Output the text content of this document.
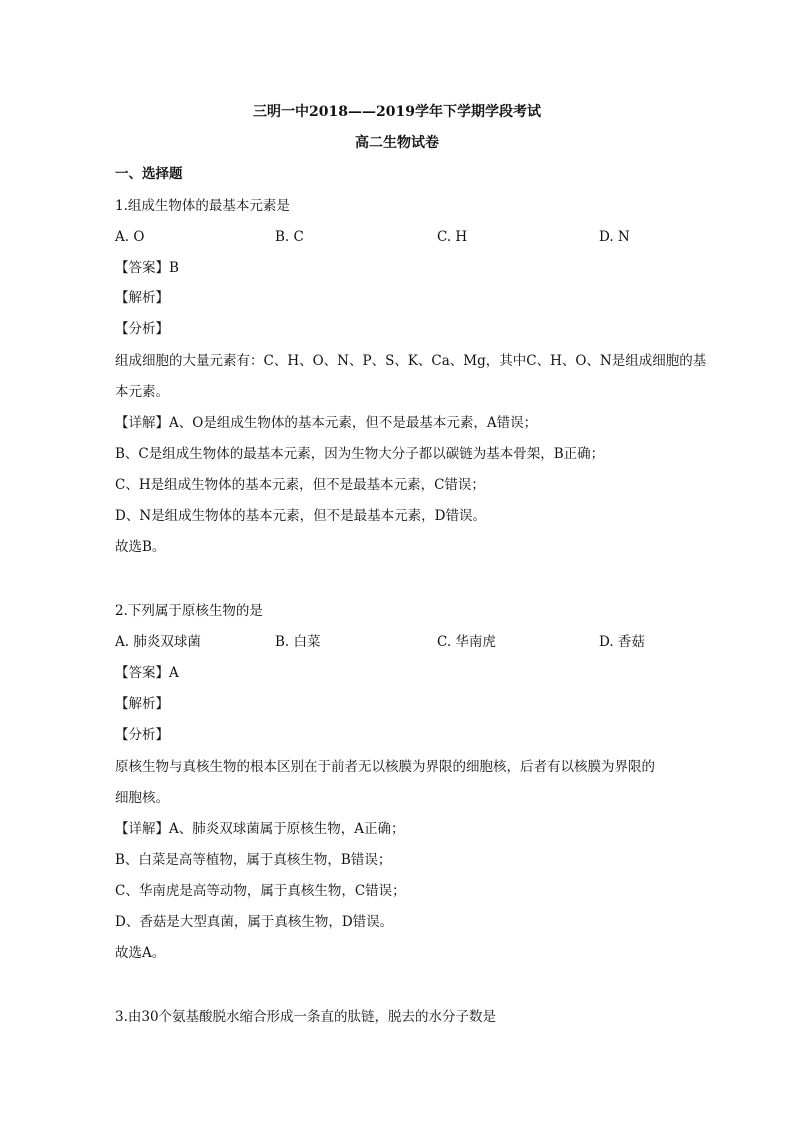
三明一中2018——2019学年下学期学段考试
高二生物试卷
一、选择题
1.组成生物体的最基本元素是
A. O	B. C	C. H	D. N
【答案】B
【解析】
【分析】
组成细胞的大量元素有：C、H、O、N、P、S、K、Ca、Mg，其中C、H、O、N是组成细胞的基
本元素。
【详解】A、O是组成生物体的基本元素，但不是最基本元素，A错误；
B、C是组成生物体的最基本元素，因为生物大分子都以碳链为基本骨架，B正确；
C、H是组成生物体的基本元素，但不是最基本元素，C错误；
D、N是组成生物体的基本元素，但不是最基本元素，D错误。
故选B。
2.下列属于原核生物的是
A. 肺炎双球菌	B. 白菜	C. 华南虎	D. 香菇
【答案】A
【解析】
【分析】
原核生物与真核生物的根本区别在于前者无以核膜为界限的细胞核，后者有以核膜为界限的
细胞核。
【详解】A、肺炎双球菌属于原核生物，A正确；
B、白菜是高等植物，属于真核生物，B错误；
C、华南虎是高等动物，属于真核生物，C错误；
D、香菇是大型真菌，属于真核生物，D错误。
故选A。
3.由30个氨基酸脱水缩合形成一条直的肽链，脱去的水分子数是
